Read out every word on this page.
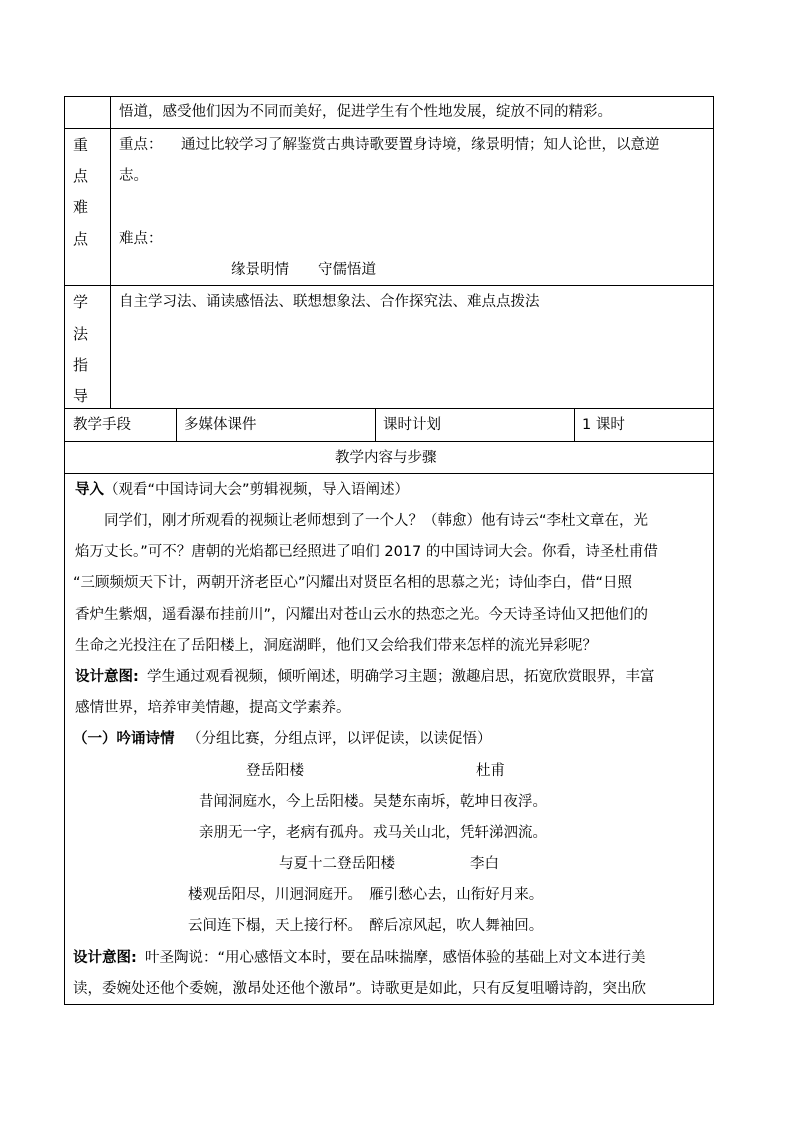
悟道，感受他们因为不同而美好，促进学生有个性地发展，绽放不同的精彩。
重
点
难
点
重点： 通过比较学习了解鉴赏古典诗歌要置身诗境，缘景明情；知人论世，以意逆
志。
难点：
缘景明情　　守儒悟道
学
法
指
导
自主学习法、诵读感悟法、联想想象法、合作探究法、难点点拨法
教学手段	多媒体课件	课时计划	1 课时
教学内容与步骤
导入 （观看“中国诗词大会”剪辑视频，导入语阐述）
同学们，刚才所观看的视频让老师想到了一个人？（韩愈）他有诗云“李杜文章在，光
焰万丈长。”可不？唐朝的光焰都已经照进了咱们 2017 的中国诗词大会。你看，诗圣杜甫借
“三顾频烦天下计，两朝开济老臣心”闪耀出对贤臣名相的思慕之光；诗仙李白，借“日照
香炉生紫烟，遥看瀑布挂前川”，闪耀出对苍山云水的热恋之光。今天诗圣诗仙又把他们的
生命之光投注在了岳阳楼上，洞庭湖畔，他们又会给我们带来怎样的流光异彩呢？
设计意图: 学生通过观看视频，倾听阐述，明确学习主题；激趣启思，拓宽欣赏眼界，丰富
感情世界，培养审美情趣，提高文学素养。
（一）吟诵诗情 （分组比赛，分组点评，以评促读，以读促悟）
登岳阳楼	杜甫
昔闻洞庭水，今上岳阳楼。吴楚东南坼，乾坤日夜浮。
亲朋无一字，老病有孤舟。戎马关山北，凭轩涕泗流。
与夏十二登岳阳楼	李白
楼观岳阳尽，川迥洞庭开。　雁引愁心去，山衔好月来。
云间连下榻，天上接行杯。　醉后凉风起，吹人舞袖回。
设计意图: 叶圣陶说：“用心感悟文本时，要在品味揣摩，感悟体验的基础上对文本进行美
读，委婉处还他个委婉，激昂处还他个激昂”。诗歌更是如此，只有反复咀嚼诗韵，突出欣
